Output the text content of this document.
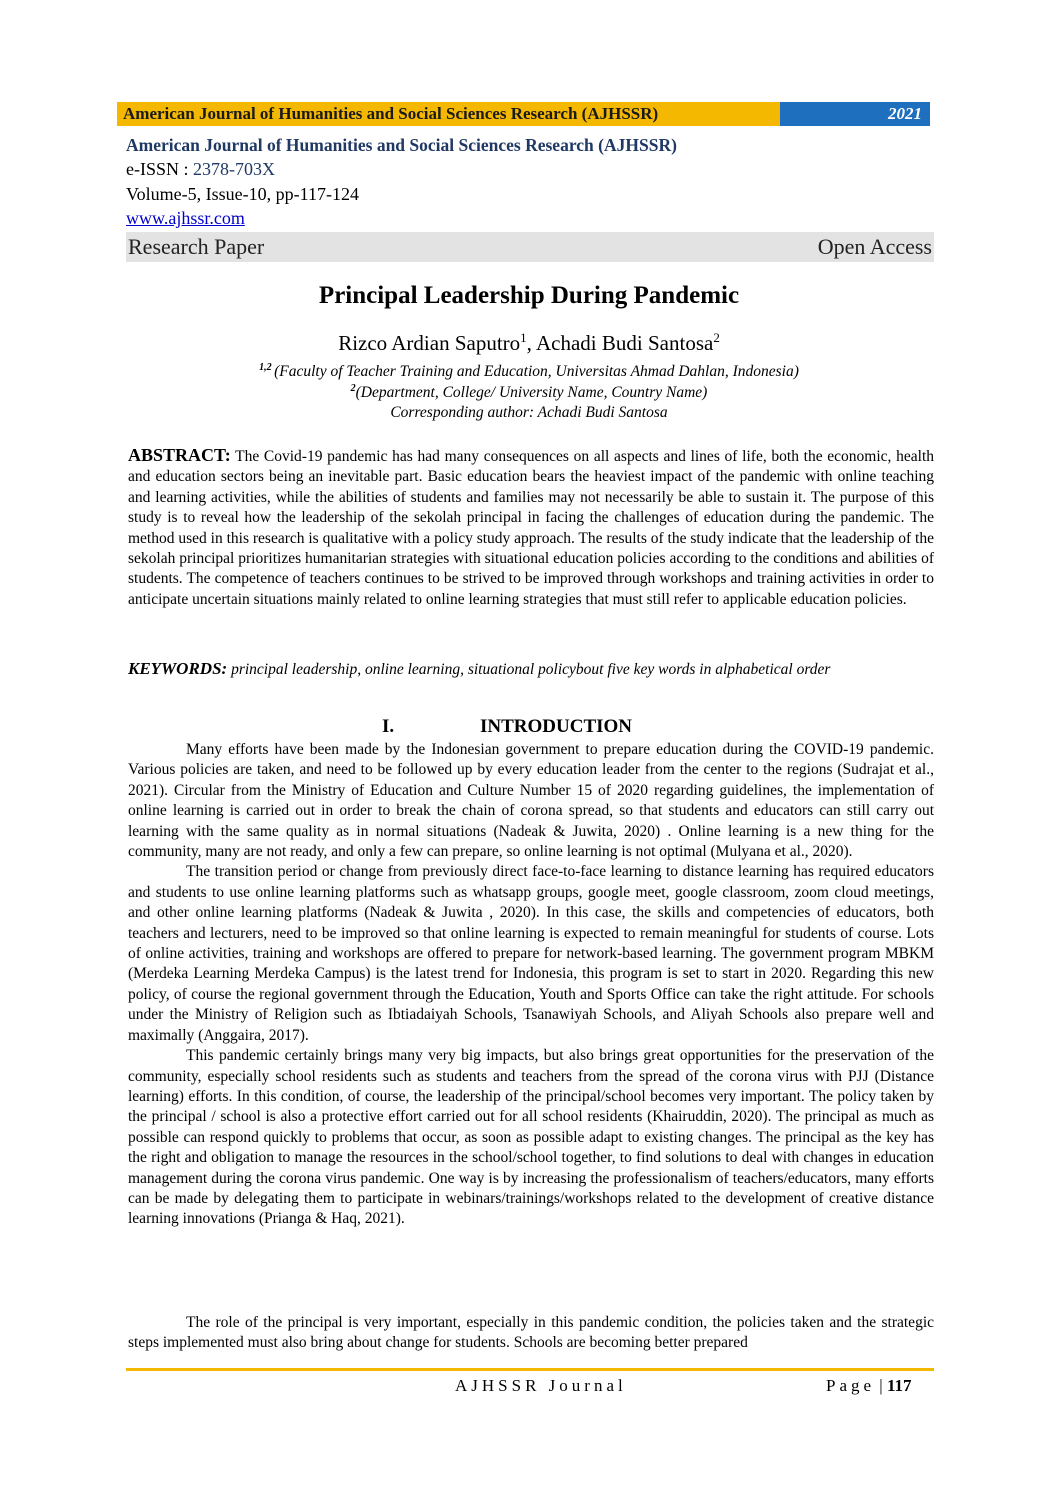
American Journal of Humanities and Social Sciences Research (AJHSSR)	2021
American Journal of Humanities and Social Sciences Research (AJHSSR)
e-ISSN : 2378-703X
Volume-5, Issue-10, pp-117-124
www.ajhssr.com
Research Paper	Open Access
Principal Leadership During Pandemic
Rizco Ardian Saputro$^1$, Achadi Budi Santosa$^2$
$^{1,2}$ (Faculty of Teacher Training and Education, Universitas Ahmad Dahlan, Indonesia)
$^2$(Department, College/ University Name, Country Name)
Corresponding author: Achadi Budi Santosa
ABSTRACT: The Covid-19 pandemic has had many consequences on all aspects and lines of life, both the economic, health and education sectors being an inevitable part. Basic education bears the heaviest impact of the pandemic with online teaching and learning activities, while the abilities of students and families may not necessarily be able to sustain it. The purpose of this study is to reveal how the leadership of the sekolah principal in facing the challenges of education during the pandemic. The method used in this research is qualitative with a policy study approach. The results of the study indicate that the leadership of the sekolah principal prioritizes humanitarian strategies with situational education policies according to the conditions and abilities of students. The competence of teachers continues to be strived to be improved through workshops and training activities in order to anticipate uncertain situations mainly related to online learning strategies that must still refer to applicable education policies.
KEYWORDS: principal leadership, online learning, situational policybout five key words in alphabetical order
I.	INTRODUCTION

Many efforts have been made by the Indonesian government to prepare education during the COVID-19 pandemic. Various policies are taken, and need to be followed up by every education leader from the center to the regions (Sudrajat et al., 2021). Circular from the Ministry of Education and Culture Number 15 of 2020 regarding guidelines, the implementation of online learning is carried out in order to break the chain of corona spread, so that students and educators can still carry out learning with the same quality as in normal situations (Nadeak & Juwita, 2020) . Online learning is a new thing for the community, many are not ready, and only a few can prepare, so online learning is not optimal (Mulyana et al., 2020).

The transition period or change from previously direct face-to-face learning to distance learning has required educators and students to use online learning platforms such as whatsapp groups, google meet, google classroom, zoom cloud meetings, and other online learning platforms (Nadeak & Juwita , 2020). In this case, the skills and competencies of educators, both teachers and lecturers, need to be improved so that online learning is expected to remain meaningful for students of course. Lots of online activities, training and workshops are offered to prepare for network-based learning. The government program MBKM (Merdeka Learning Merdeka Campus) is the latest trend for Indonesia, this program is set to start in 2020. Regarding this new policy, of course the regional government through the Education, Youth and Sports Office can take the right attitude. For schools under the Ministry of Religion such as Ibtiadaiyah Schools, Tsanawiyah Schools, and Aliyah Schools also prepare well and maximally (Anggaira, 2017).

This pandemic certainly brings many very big impacts, but also brings great opportunities for the preservation of the community, especially school residents such as students and teachers from the spread of the corona virus with PJJ (Distance learning) efforts. In this condition, of course, the leadership of the principal/school becomes very important. The policy taken by the principal / school is also a protective effort carried out for all school residents (Khairuddin, 2020). The principal as much as possible can respond quickly to problems that occur, as soon as possible adapt to existing changes. The principal as the key has the right and obligation to manage the resources in the school/school together, to find solutions to deal with changes in education management during the corona virus pandemic. One way is by increasing the professionalism of teachers/educators, many efforts can be made by delegating them to participate in webinars/trainings/workshops related to the development of creative distance learning innovations (Prianga & Haq, 2021).

The role of the principal is very important, especially in this pandemic condition, the policies taken and the strategic steps implemented must also bring about change for students. Schools are becoming better prepared

AJHSSR Journal	Page | 117
